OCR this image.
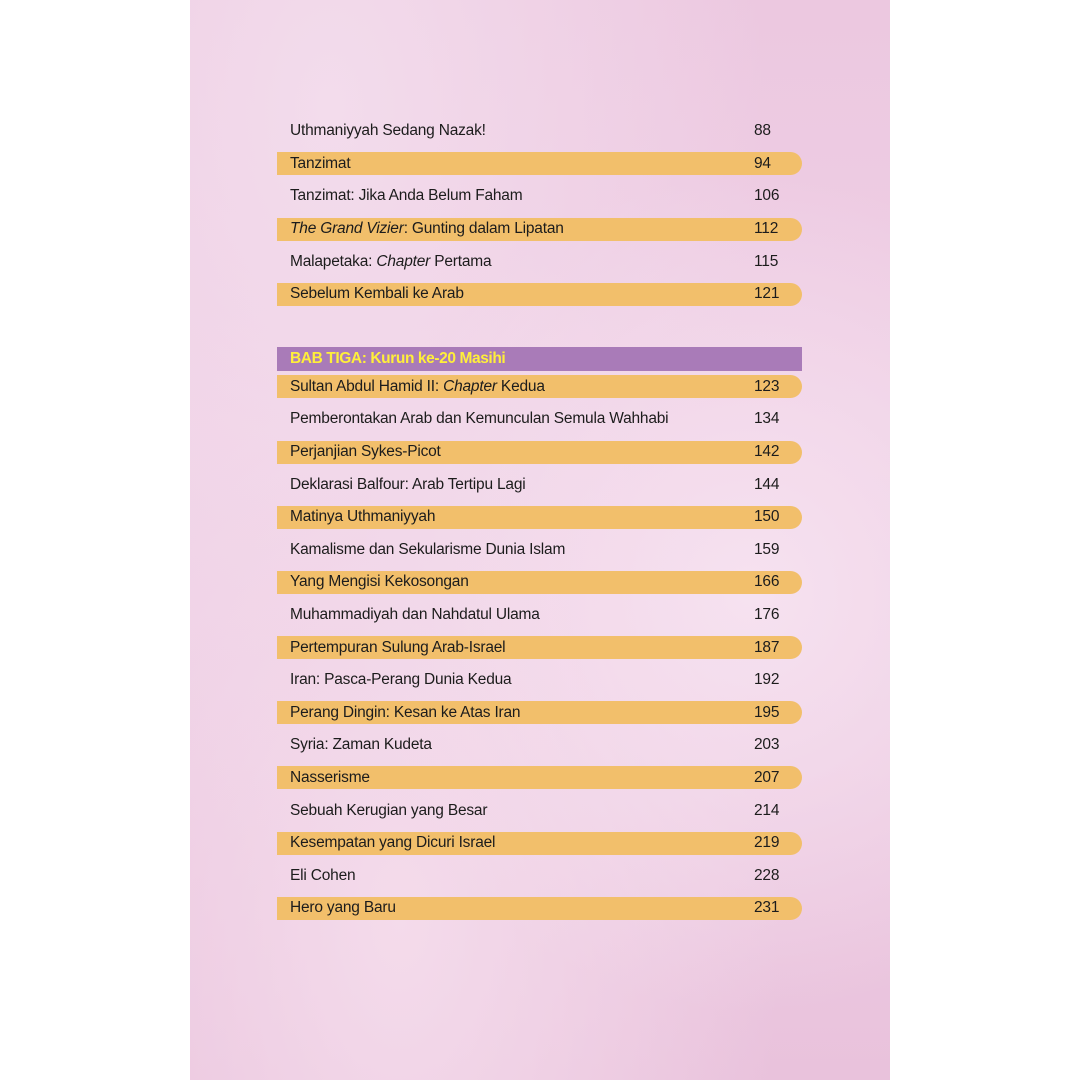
Uthmaniyyah Sedang Nazak!	88
Tanzimat	94
Tanzimat: Jika Anda Belum Faham	106
The Grand Vizier: Gunting dalam Lipatan	112
Malapetaka: Chapter Pertama	115
Sebelum Kembali ke Arab	121
BAB TIGA: Kurun ke-20 Masihi
Sultan Abdul Hamid II: Chapter Kedua	123
Pemberontakan Arab dan Kemunculan Semula Wahhabi	134
Perjanjian Sykes-Picot	142
Deklarasi Balfour: Arab Tertipu Lagi	144
Matinya Uthmaniyyah	150
Kamalisme dan Sekularisme Dunia Islam	159
Yang Mengisi Kekosongan	166
Muhammadiyah dan Nahdatul Ulama	176
Pertempuran Sulung Arab-Israel	187
Iran: Pasca-Perang Dunia Kedua	192
Perang Dingin: Kesan ke Atas Iran	195
Syria: Zaman Kudeta	203
Nasserisme	207
Sebuah Kerugian yang Besar	214
Kesempatan yang Dicuri Israel	219
Eli Cohen	228
Hero yang Baru	231
